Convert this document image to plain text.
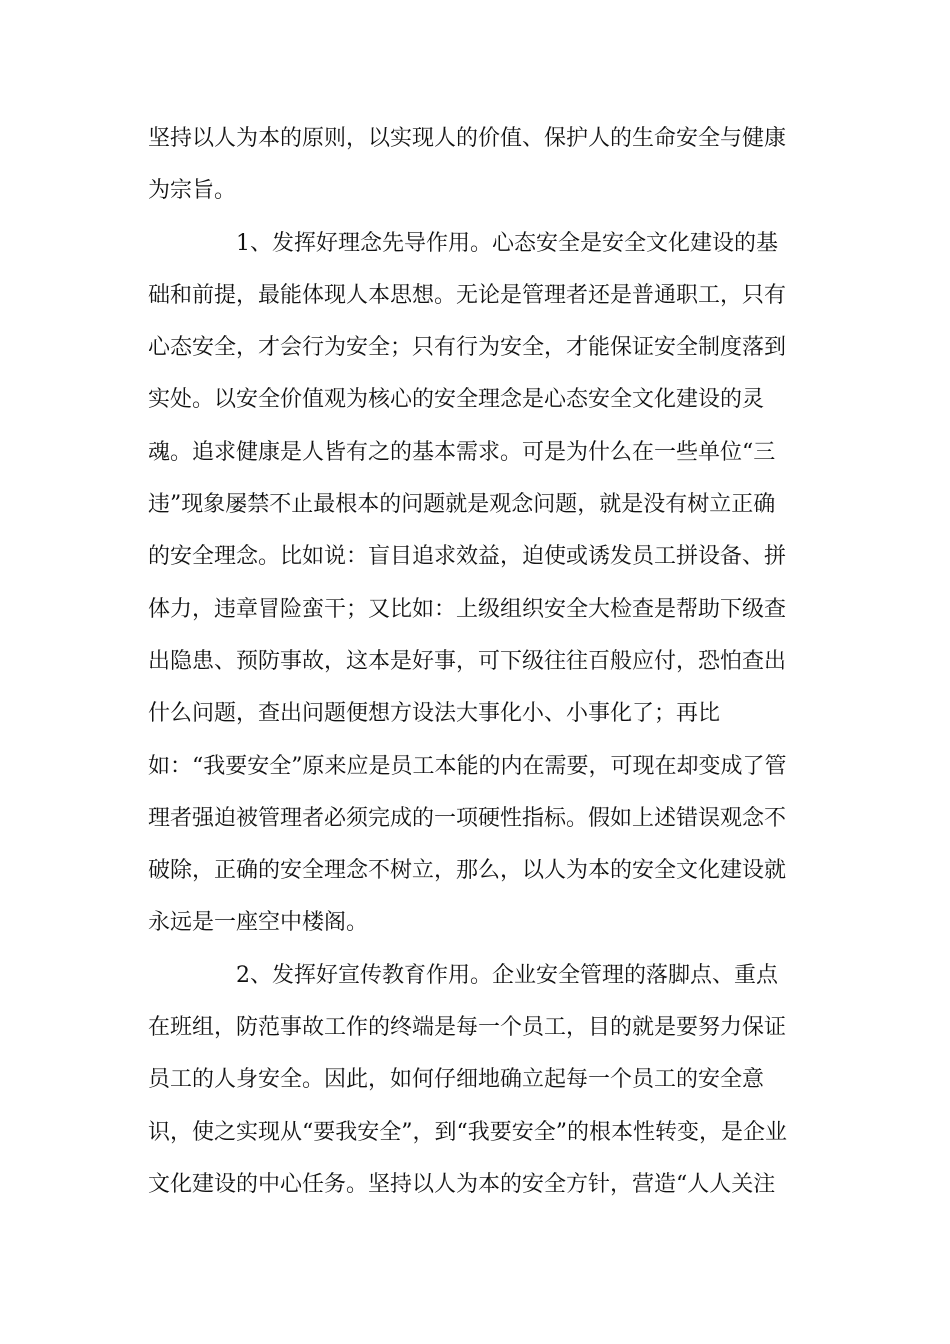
坚持以人为本的原则，以实现人的价值、保护人的生命安全与健康
为宗旨。
1、发挥好理念先导作用。心态安全是安全文化建设的基
础和前提，最能体现人本思想。无论是管理者还是普通职工，只有
心态安全，才会行为安全；只有行为安全，才能保证安全制度落到
实处。以安全价值观为核心的安全理念是心态安全文化建设的灵
魂。追求健康是人皆有之的基本需求。可是为什么在一些单位“三
违”现象屡禁不止最根本的问题就是观念问题，就是没有树立正确
的安全理念。比如说：盲目追求效益，迫使或诱发员工拼设备、拼
体力，违章冒险蛮干；又比如：上级组织安全大检查是帮助下级查
出隐患、预防事故，这本是好事，可下级往往百般应付，恐怕查出
什么问题，查出问题便想方设法大事化小、小事化了；再比
如：“我要安全”原来应是员工本能的内在需要，可现在却变成了管
理者强迫被管理者必须完成的一项硬性指标。假如上述错误观念不
破除，正确的安全理念不树立，那么，以人为本的安全文化建设就
永远是一座空中楼阁。
2、发挥好宣传教育作用。企业安全管理的落脚点、重点
在班组，防范事故工作的终端是每一个员工，目的就是要努力保证
员工的人身安全。因此，如何仔细地确立起每一个员工的安全意
识，使之实现从“要我安全”，到“我要安全”的根本性转变，是企业
文化建设的中心任务。坚持以人为本的安全方针，营造“人人关注
